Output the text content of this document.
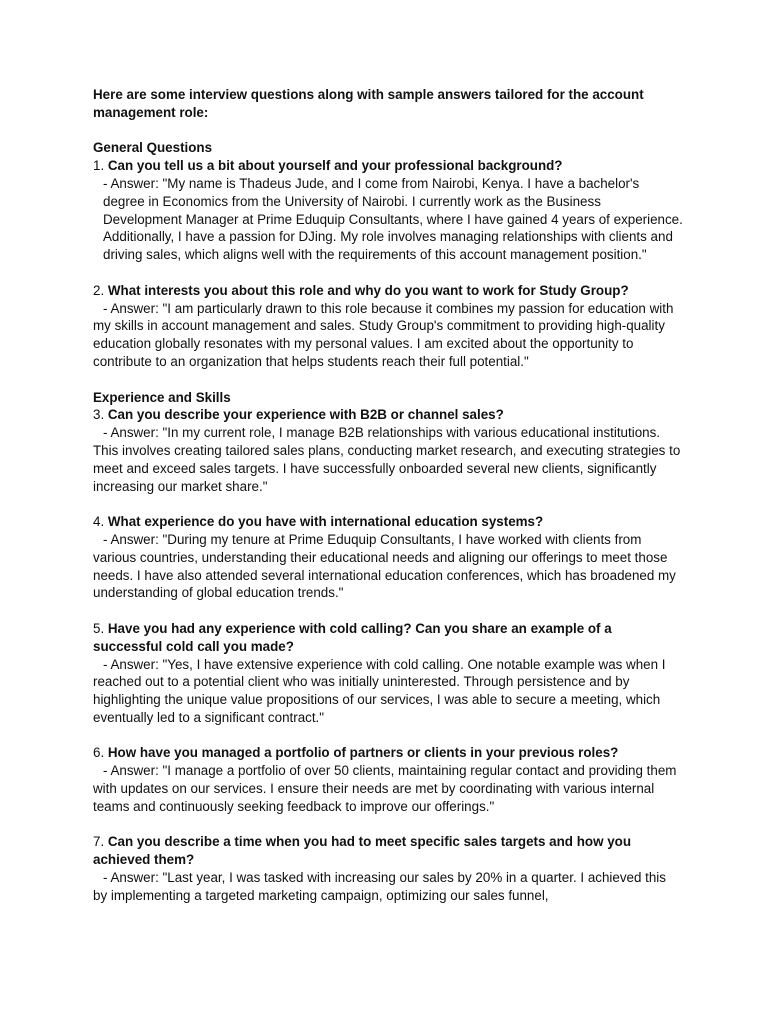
Here are some interview questions along with sample answers tailored for the account management role:

General Questions

1. Can you tell us a bit about yourself and your professional background?

- Answer: "My name is Thadeus Jude, and I come from Nairobi, Kenya. I have a bachelor's degree in Economics from the University of Nairobi. I currently work as the Business Development Manager at Prime Eduquip Consultants, where I have gained 4 years of experience. Additionally, I have a passion for DJing. My role involves managing relationships with clients and driving sales, which aligns well with the requirements of this account management position."

2. What interests you about this role and why do you want to work for Study Group?

- Answer: "I am particularly drawn to this role because it combines my passion for education with my skills in account management and sales. Study Group's commitment to providing high-quality education globally resonates with my personal values. I am excited about the opportunity to contribute to an organization that helps students reach their full potential."

Experience and Skills

3. Can you describe your experience with B2B or channel sales?

- Answer: "In my current role, I manage B2B relationships with various educational institutions. This involves creating tailored sales plans, conducting market research, and executing strategies to meet and exceed sales targets. I have successfully onboarded several new clients, significantly increasing our market share."

4. What experience do you have with international education systems?

- Answer: "During my tenure at Prime Eduquip Consultants, I have worked with clients from various countries, understanding their educational needs and aligning our offerings to meet those needs. I have also attended several international education conferences, which has broadened my understanding of global education trends."

5. Have you had any experience with cold calling? Can you share an example of a successful cold call you made?

- Answer: "Yes, I have extensive experience with cold calling. One notable example was when I reached out to a potential client who was initially uninterested. Through persistence and by highlighting the unique value propositions of our services, I was able to secure a meeting, which eventually led to a significant contract."

6. How have you managed a portfolio of partners or clients in your previous roles?

- Answer: "I manage a portfolio of over 50 clients, maintaining regular contact and providing them with updates on our services. I ensure their needs are met by coordinating with various internal teams and continuously seeking feedback to improve our offerings."

7. Can you describe a time when you had to meet specific sales targets and how you achieved them?

- Answer: "Last year, I was tasked with increasing our sales by 20% in a quarter. I achieved this by implementing a targeted marketing campaign, optimizing our sales funnel,
